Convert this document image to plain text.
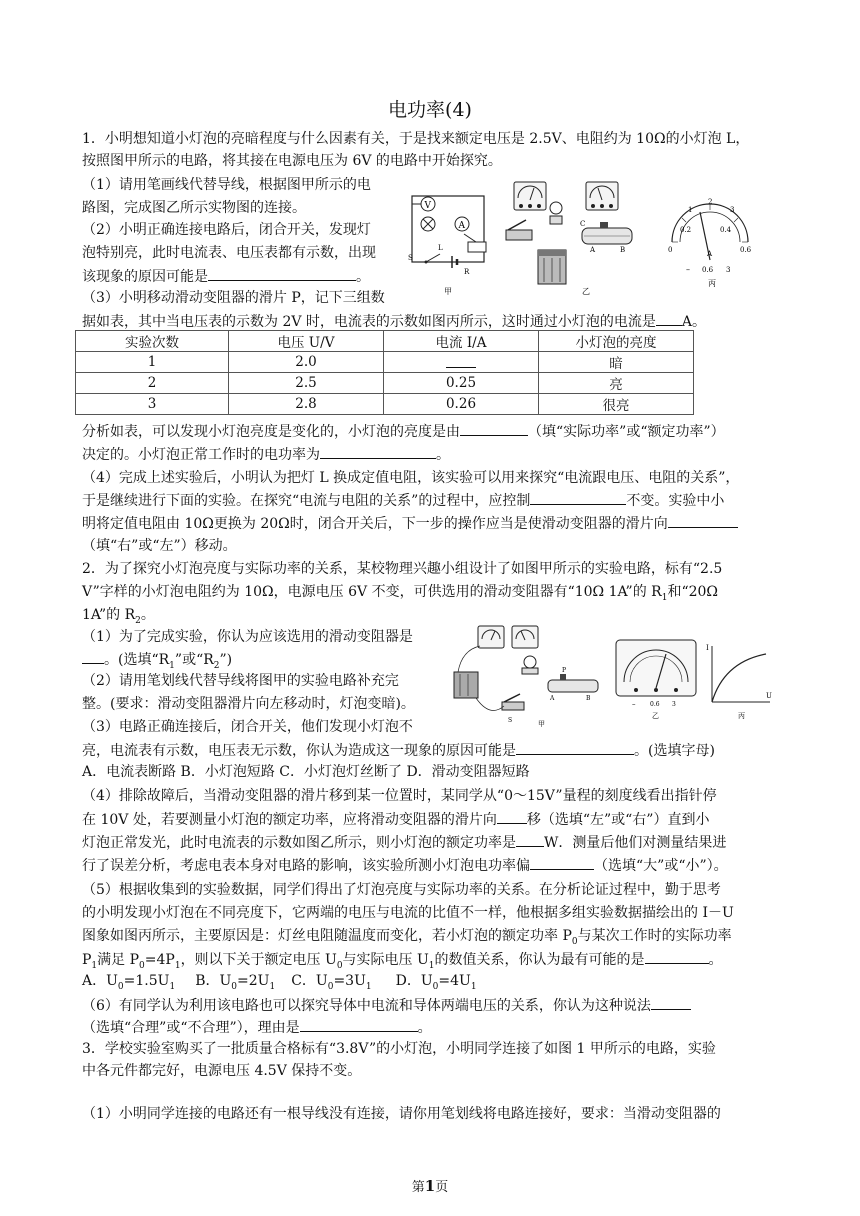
电功率(4)
1．小明想知道小灯泡的亮暗程度与什么因素有关，于是找来额定电压是 2.5V、电阻约为 10Ω的小灯泡 L，
按照图甲所示的电路，将其接在电源电压为 6V 的电路中开始探究。
（1）请用笔画线代替导线，根据图甲所示的电
路图，完成图乙所示实物图的连接。
（2）小明正确连接电路后，闭合开关，发现灯
泡特别亮，此时电流表、电压表都有示数，出现
该现象的原因可能是	。
（3）小明移动滑动变阻器的滑片 P，记下三组数
据如表，其中当电压表的示数为 2V 时，电流表的示数如图丙所示，这时通过小灯泡的电流是 A。
V
A
S
R
L
甲
A	B
C
乙
0
0.2	0.4
0.6
1
2
3
A
– 0.6 3
丙
实验次数	电压 U/V	电流 I/A	小灯泡的亮度
1	2.0		暗
2	2.5	0.25	亮
3	2.8	0.26	很亮
分析如表，可以发现小灯泡亮度是变化的，小灯泡的亮度是由	（填“实际功率”或“额定功率”）
决定的。小灯泡正常工作时的电功率为	。
（4）完成上述实验后，小明认为把灯 L 换成定值电阻，该实验可以用来探究“电流跟电压、电阻的关系”，
于是继续进行下面的实验。在探究“电流与电阻的关系”的过程中，应控制	不变。实验中小
明将定值电阻由 10Ω更换为 20Ω时，闭合开关后，下一步的操作应当是使滑动变阻器的滑片向
（填“右”或“左”）移动。
2．为了探究小灯泡亮度与实际功率的关系，某校物理兴趣小组设计了如图甲所示的实验电路，标有“2.5
V”字样的小灯泡电阻约为 10Ω，电源电压 6V 不变，可供选用的滑动变阻器有“10Ω 1A”的 $R_1$和“20Ω
1A”的 $R_2$。
（1）为了完成实验，你认为应该选用的滑动变阻器是
。(选填“$R_1$”或“$R_2$”)
（2）请用笔划线代替导线将图甲的实验电路补充完
整。(要求：滑动变阻器滑片向左移动时，灯泡变暗)。
（3）电路正确连接后，闭合开关，他们发现小灯泡不
亮，电流表有示数，电压表无示数，你认为造成这一现象的原因可能是	。(选填字母)
A．电流表断路 B．小灯泡短路 C．小灯泡灯丝断了 D．滑动变阻器短路
P
A	B
S	甲
– 0.6 3
乙
I
U
丙
（4）排除故障后，当滑动变阻器的滑片移到某一位置时，某同学从“0～15V”量程的刻度线看出指针停
在 10V 处，若要测量小灯泡的额定功率，应将滑动变阻器的滑片向 移（选填“左”或“右”）直到小
灯泡正常发光，此时电流表的示数如图乙所示，则小灯泡的额定功率是 W．测量后他们对测量结果进
行了误差分析，考虑电表本身对电路的影响，该实验所测小灯泡电功率偏	（选填“大”或“小”）。
（5）根据收集到的实验数据，同学们得出了灯泡亮度与实际功率的关系。在分析论证过程中，勤于思考
的小明发现小灯泡在不同亮度下，它两端的电压与电流的比值不一样，他根据多组实验数据描绘出的 I－U
图象如图丙所示，主要原因是：灯丝电阻随温度而变化，若小灯泡的额定功率 $P_0$与某次工作时的实际功率
$P_1$满足 $P_0=4P_1$，则以下关于额定电压 $U_0$与实际电压 $U_1$的数值关系，你认为最有可能的是	。
A．$U_0=1.5U_1$ B．$U_0=2U_1$ C．$U_0=3U_1$ D．$U_0=4U_1$
（6）有同学认为利用该电路也可以探究导体中电流和导体两端电压的关系，你认为这种说法
（选填“合理”或“不合理”），理由是	。
3．学校实验室购买了一批质量合格标有“3.8V”的小灯泡，小明同学连接了如图 1 甲所示的电路，实验
中各元件都完好，电源电压 4.5V 保持不变。
（1）小明同学连接的电路还有一根导线没有连接，请你用笔划线将电路连接好，要求：当滑动变阻器的
第1页
